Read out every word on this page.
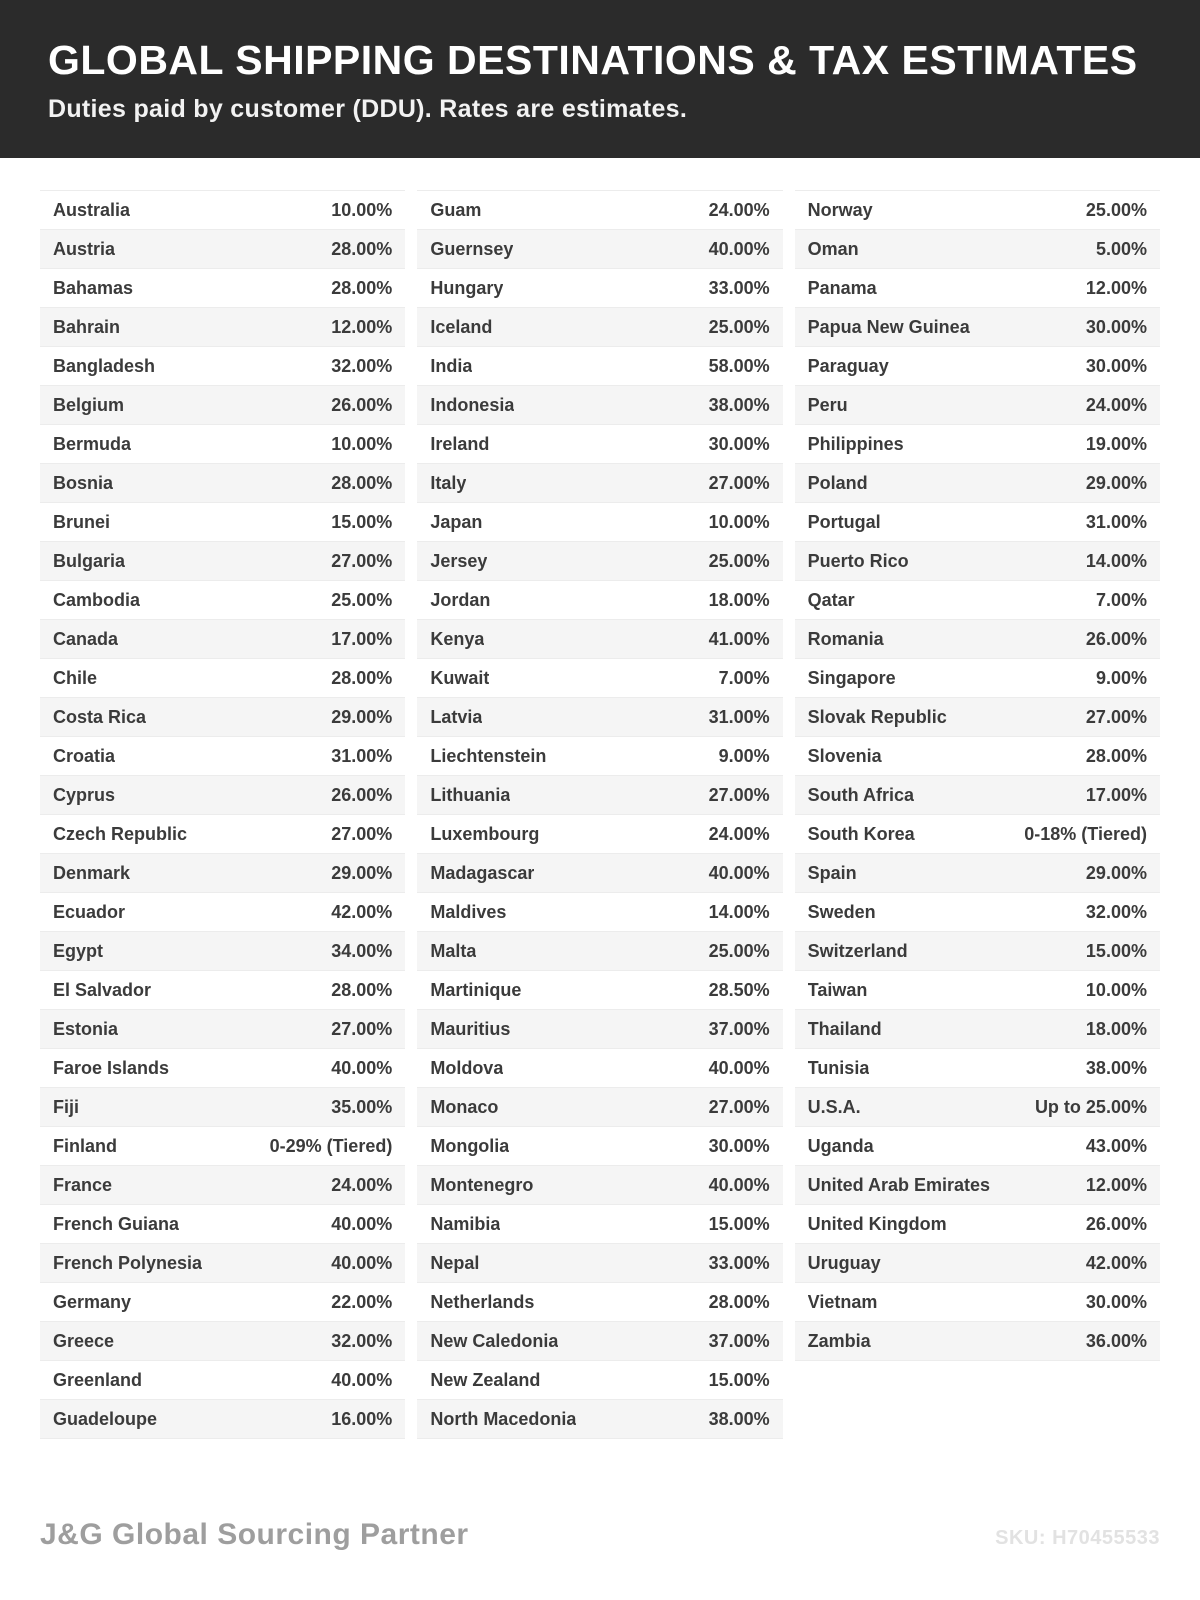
GLOBAL SHIPPING DESTINATIONS & TAX ESTIMATES

Duties paid by customer (DDU). Rates are estimates.

Australia	10.00%
Austria	28.00%
Bahamas	28.00%
Bahrain	12.00%
Bangladesh	32.00%
Belgium	26.00%
Bermuda	10.00%
Bosnia	28.00%
Brunei	15.00%
Bulgaria	27.00%
Cambodia	25.00%
Canada	17.00%
Chile	28.00%
Costa Rica	29.00%
Croatia	31.00%
Cyprus	26.00%
Czech Republic	27.00%
Denmark	29.00%
Ecuador	42.00%
Egypt	34.00%
El Salvador	28.00%
Estonia	27.00%
Faroe Islands	40.00%
Fiji	35.00%
Finland	0-29% (Tiered)
France	24.00%
French Guiana	40.00%
French Polynesia	40.00%
Germany	22.00%
Greece	32.00%
Greenland	40.00%
Guadeloupe	16.00%
Guam	24.00%
Guernsey	40.00%
Hungary	33.00%
Iceland	25.00%
India	58.00%
Indonesia	38.00%
Ireland	30.00%
Italy	27.00%
Japan	10.00%
Jersey	25.00%
Jordan	18.00%
Kenya	41.00%
Kuwait	7.00%
Latvia	31.00%
Liechtenstein	9.00%
Lithuania	27.00%
Luxembourg	24.00%
Madagascar	40.00%
Maldives	14.00%
Malta	25.00%
Martinique	28.50%
Mauritius	37.00%
Moldova	40.00%
Monaco	27.00%
Mongolia	30.00%
Montenegro	40.00%
Namibia	15.00%
Nepal	33.00%
Netherlands	28.00%
New Caledonia	37.00%
New Zealand	15.00%
North Macedonia	38.00%
Norway	25.00%
Oman	5.00%
Panama	12.00%
Papua New Guinea	30.00%
Paraguay	30.00%
Peru	24.00%
Philippines	19.00%
Poland	29.00%
Portugal	31.00%
Puerto Rico	14.00%
Qatar	7.00%
Romania	26.00%
Singapore	9.00%
Slovak Republic	27.00%
Slovenia	28.00%
South Africa	17.00%
South Korea	0-18% (Tiered)
Spain	29.00%
Sweden	32.00%
Switzerland	15.00%
Taiwan	10.00%
Thailand	18.00%
Tunisia	38.00%
U.S.A.	Up to 25.00%
Uganda	43.00%
United Arab Emirates	12.00%
United Kingdom	26.00%
Uruguay	42.00%
Vietnam	30.00%
Zambia	36.00%
J&G Global Sourcing Partner	SKU: H70455533
